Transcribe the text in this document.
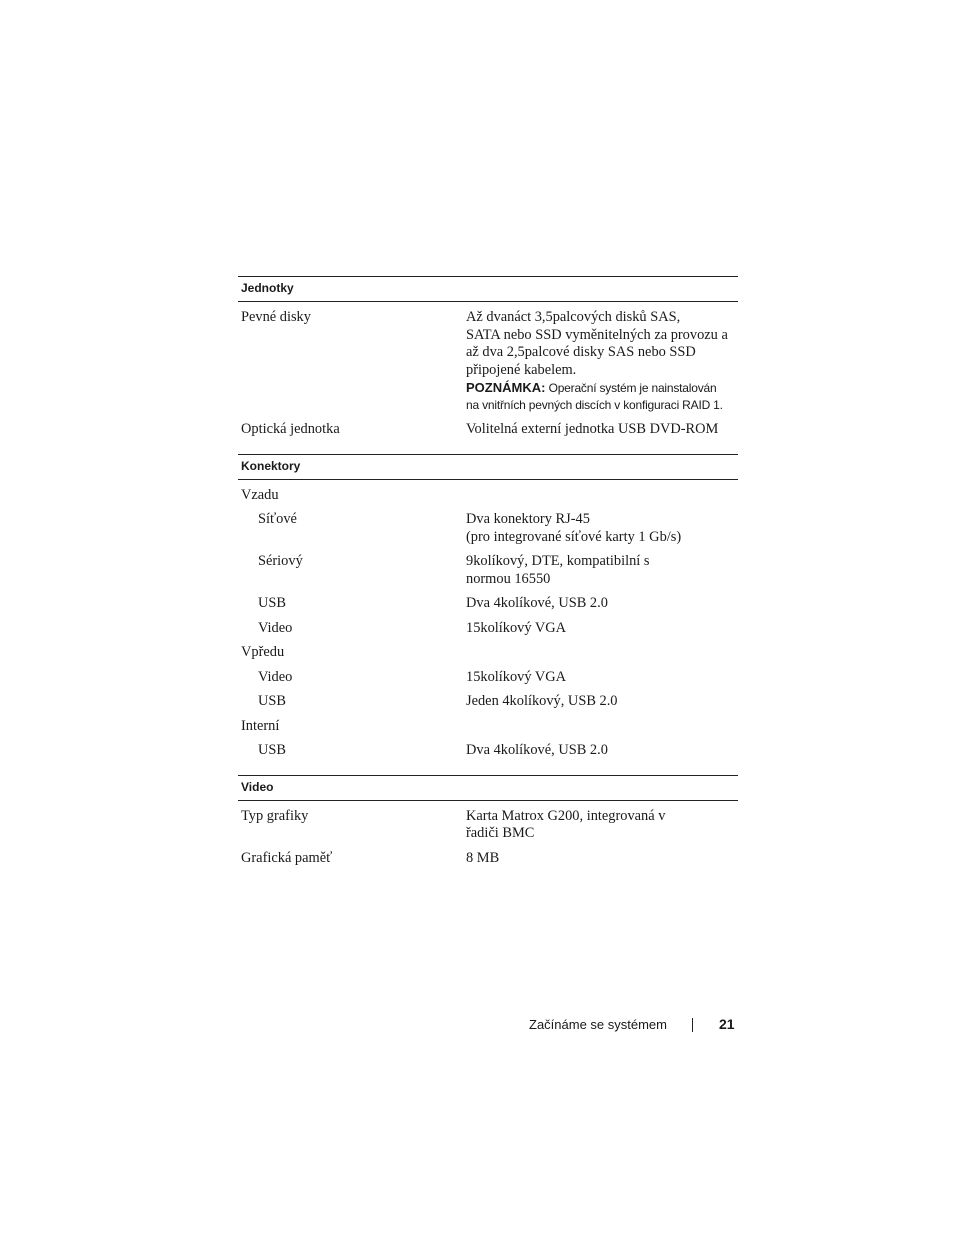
Jednotky
Pevné disky	Až dvanáct 3,5palcových disků SAS,
SATA nebo SSD vyměnitelných za provozu a
až dva 2,5palcové disky SAS nebo SSD
připojené kabelem.
POZNÁMKA: Operační systém je nainstalován
na vnitřních pevných discích v konfiguraci RAID 1.
Optická jednotka	Volitelná externí jednotka USB DVD-ROM
Konektory
Vzadu
Síťové	Dva konektory RJ-45
(pro integrované síťové karty 1 Gb/s)
Sériový	9kolíkový, DTE, kompatibilní s
normou 16550
USB	Dva 4kolíkové, USB 2.0
Video	15kolíkový VGA
Vpředu
Video	15kolíkový VGA
USB	Jeden 4kolíkový, USB 2.0
Interní
USB	Dva 4kolíkové, USB 2.0
Video
Typ grafiky	Karta Matrox G200, integrovaná v
řadiči BMC
Grafická paměť	8 MB
Začínáme se systémem	21
